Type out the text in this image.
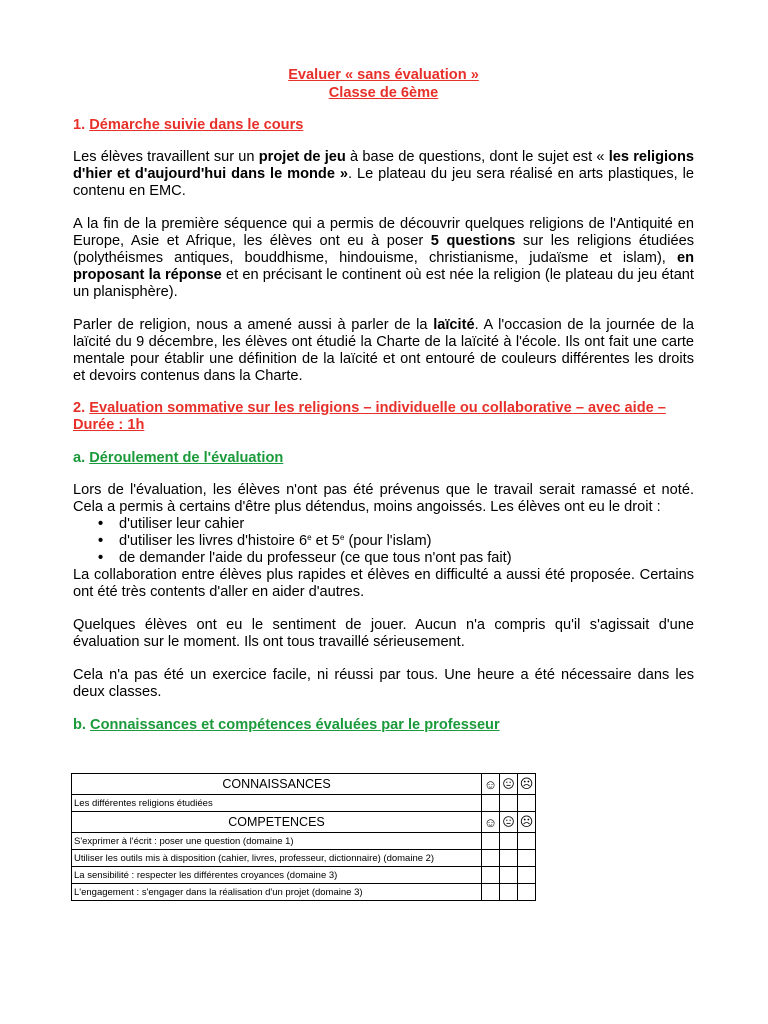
Evaluer « sans évaluation »
Classe de 6ème
1. Démarche suivie dans le cours

Les élèves travaillent sur un projet de jeu à base de questions, dont le sujet est « les religions d'hier et d'aujourd'hui dans le monde ». Le plateau du jeu sera réalisé en arts plastiques, le contenu en EMC.

A la fin de la première séquence qui a permis de découvrir quelques religions de l'Antiquité en Europe, Asie et Afrique, les élèves ont eu à poser 5 questions sur les religions étudiées (polythéismes antiques, bouddhisme, hindouisme, christianisme, judaïsme et islam), en proposant la réponse et en précisant le continent où est née la religion (le plateau du jeu étant un planisphère).

Parler de religion, nous a amené aussi à parler de la laïcité. A l'occasion de la journée de la laïcité du 9 décembre, les élèves ont étudié la Charte de la laïcité à l'école. Ils ont fait une carte mentale pour établir une définition de la laïcité et ont entouré de couleurs différentes les droits et devoirs contenus dans la Charte.

2. Evaluation sommative sur les religions – individuelle ou collaborative – avec aide – Durée : 1h
a. Déroulement de l'évaluation

Lors de l'évaluation, les élèves n'ont pas été prévenus que le travail serait ramassé et noté. Cela a permis à certains d'être plus détendus, moins angoissés. Les élèves ont eu le droit :

• d'utiliser leur cahier
• d'utiliser les livres d'histoire 6e et 5e (pour l'islam)
• de demander l'aide du professeur (ce que tous n'ont pas fait)

La collaboration entre élèves plus rapides et élèves en difficulté a aussi été proposée. Certains ont été très contents d'aller en aider d'autres.

Quelques élèves ont eu le sentiment de jouer. Aucun n'a compris qu'il s'agissait d'une évaluation sur le moment. Ils ont tous travaillé sérieusement.

Cela n'a pas été un exercice facile, ni réussi par tous. Une heure a été nécessaire dans les deux classes.

b. Connaissances et compétences évaluées par le professeur
CONNAISSANCES	☺		☹
Les différentes religions étudiées			
COMPETENCES	☺		☹
S'exprimer à l'écrit : poser une question (domaine 1)			
Utiliser les outils mis à disposition (cahier, livres, professeur, dictionnaire) (domaine 2)			
La sensibilité : respecter les différentes croyances (domaine 3)			
L'engagement : s'engager dans la réalisation d'un projet (domaine 3)			
